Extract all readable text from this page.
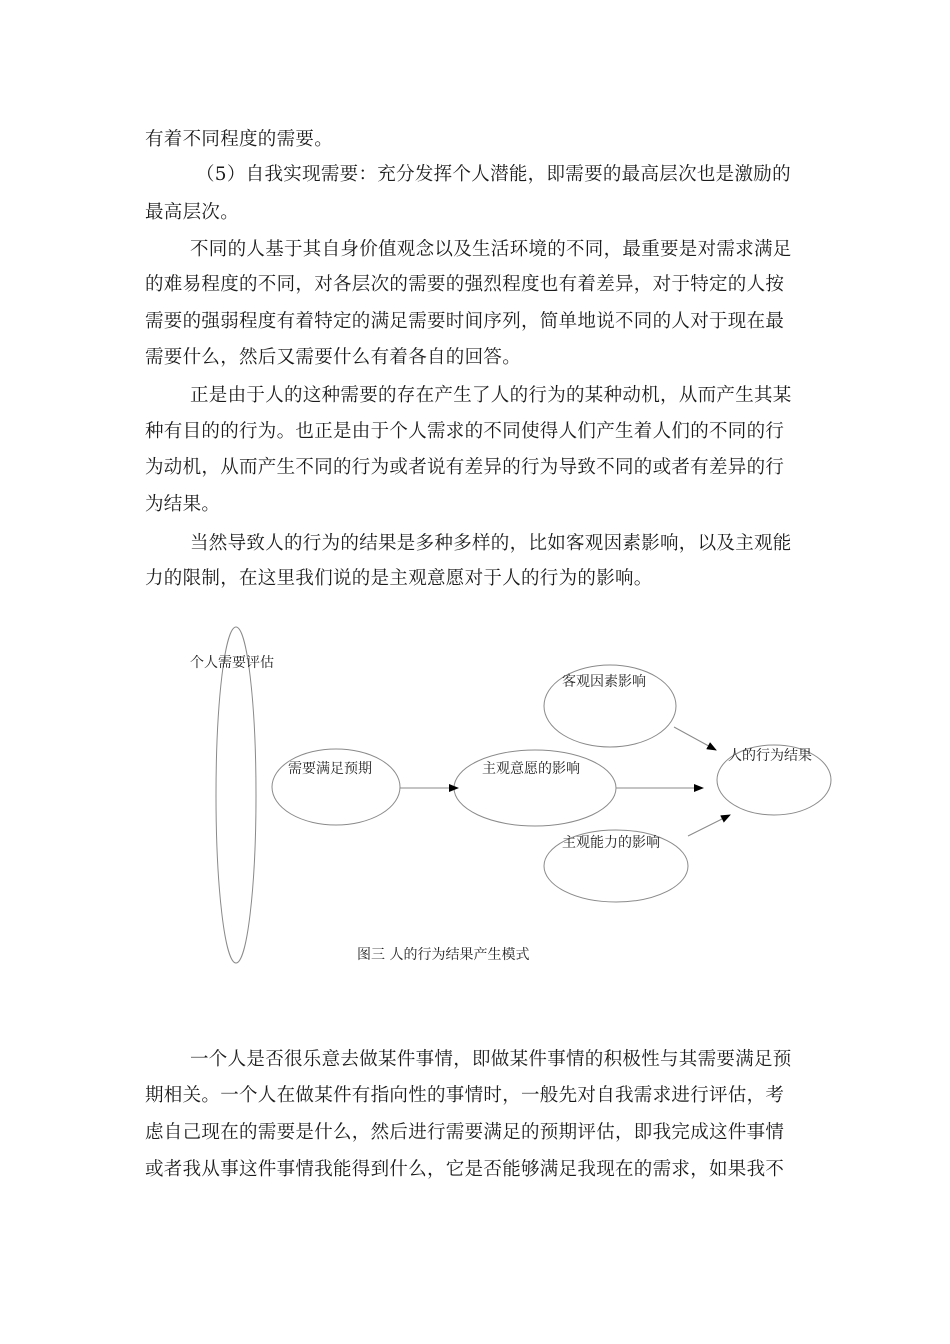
有着不同程度的需要。
（5）自我实现需要：充分发挥个人潜能，即需要的最高层次也是激励的
最高层次。
不同的人基于其自身价值观念以及生活环境的不同，最重要是对需求满足
的难易程度的不同，对各层次的需要的强烈程度也有着差异，对于特定的人按
需要的强弱程度有着特定的满足需要时间序列，简单地说不同的人对于现在最
需要什么，然后又需要什么有着各自的回答。
正是由于人的这种需要的存在产生了人的行为的某种动机，从而产生其某
种有目的的行为。也正是由于个人需求的不同使得人们产生着人们的不同的行
为动机，从而产生不同的行为或者说有差异的行为导致不同的或者有差异的行
为结果。
当然导致人的行为的结果是多种多样的，比如客观因素影响，以及主观能
力的限制，在这里我们说的是主观意愿对于人的行为的影响。
个人需要评估
需要满足预期	主观意愿的影响
客观因素影响
主观能力的影响
人的行为结果
图三 人的行为结果产生模式
一个人是否很乐意去做某件事情，即做某件事情的积极性与其需要满足预
期相关。一个人在做某件有指向性的事情时，一般先对自我需求进行评估，考
虑自己现在的需要是什么，然后进行需要满足的预期评估，即我完成这件事情
或者我从事这件事情我能得到什么，它是否能够满足我现在的需求，如果我不
